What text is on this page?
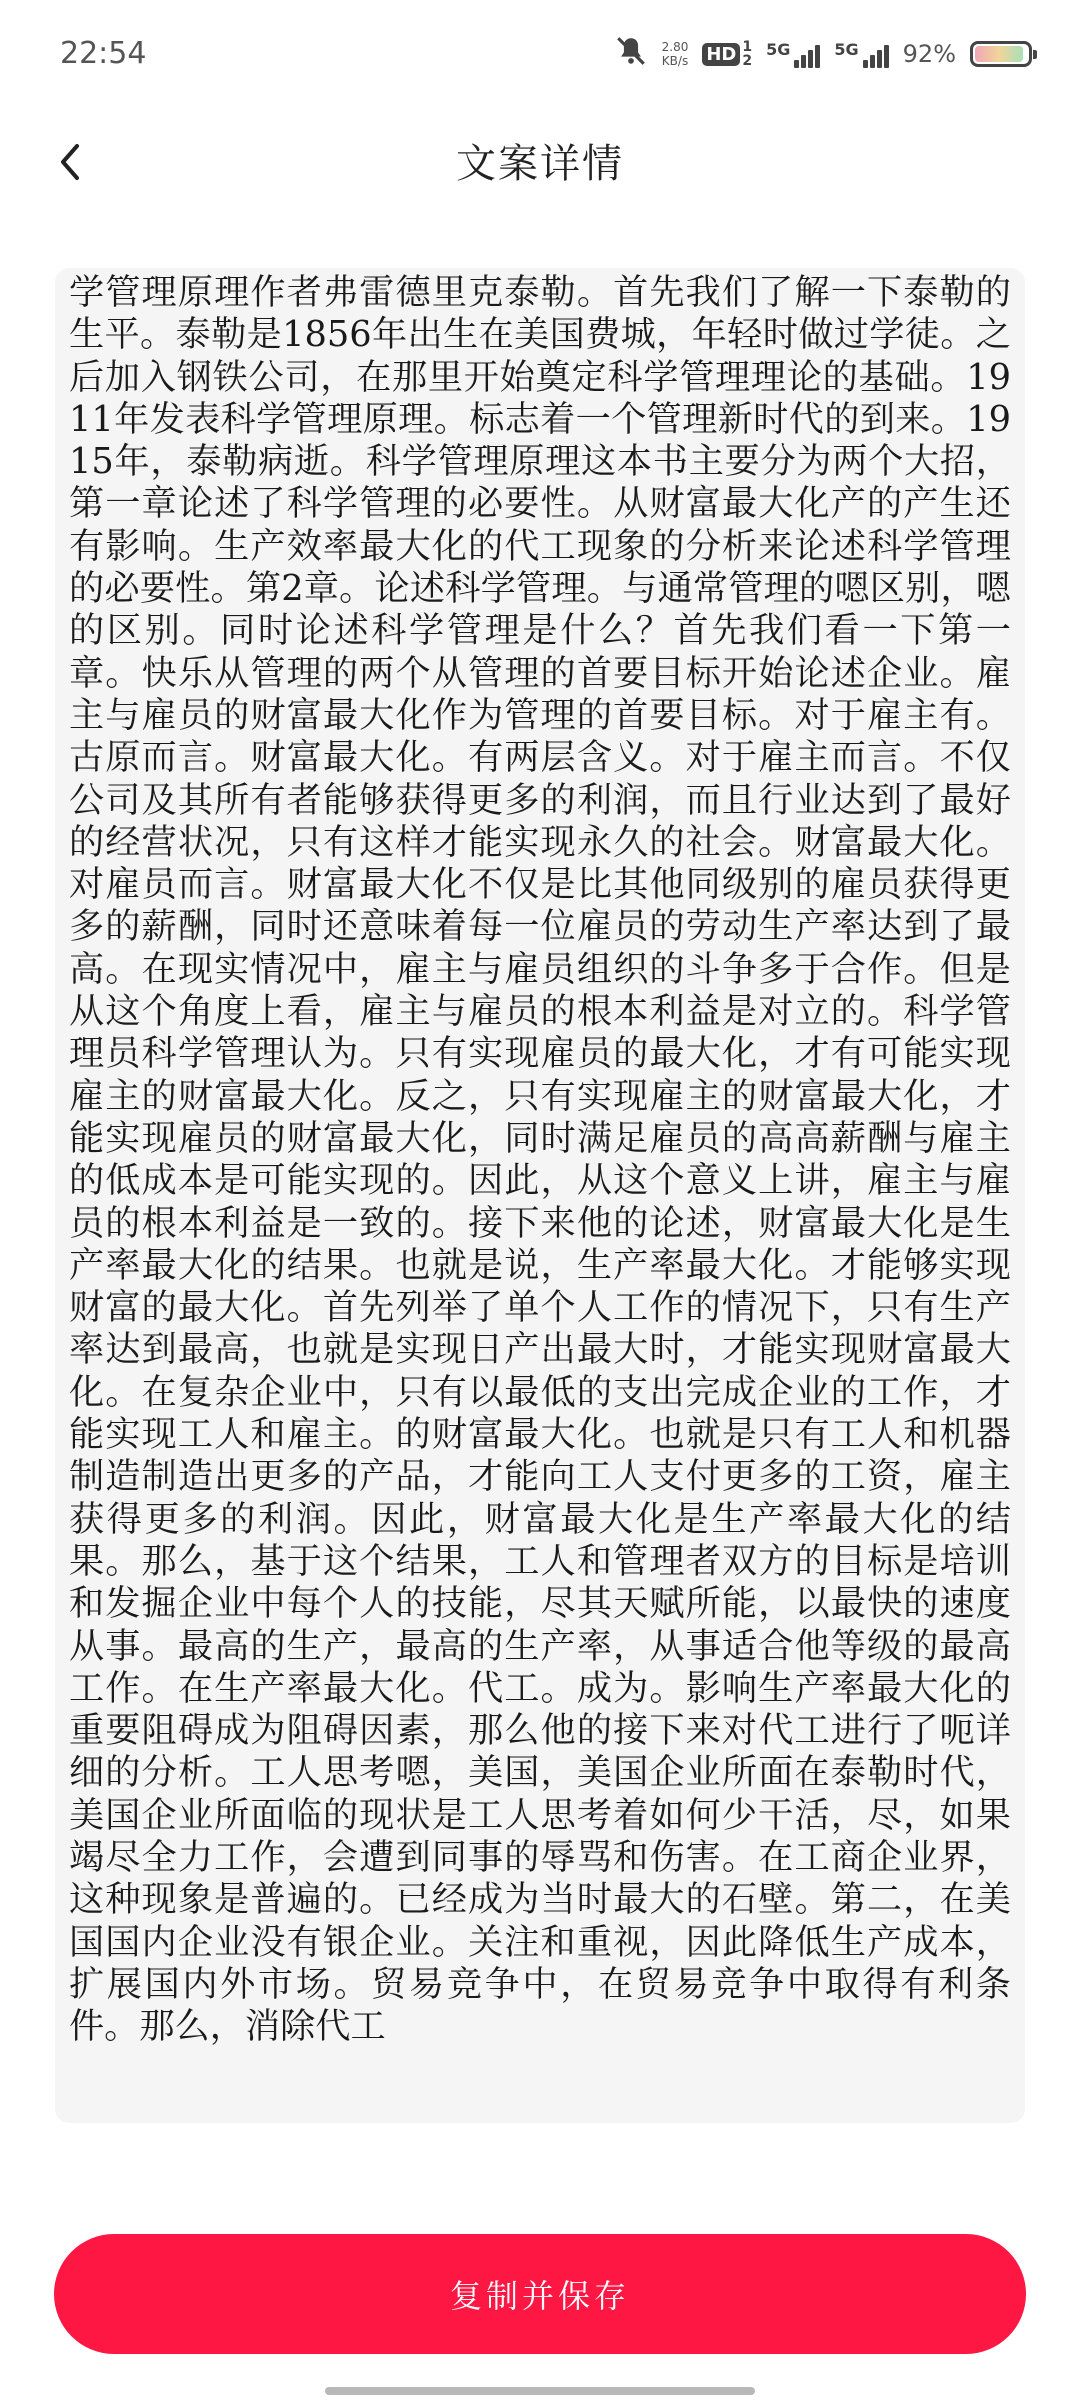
22:54	2.80
KB/s HD 1
2
5G	5G 92%
文案详情

学管理原理作者弗雷德里克泰勒。首先我们了解一下泰勒的生平。泰勒是1856年出生在美国费城，年轻时做过学徒。之后加入钢铁公司，在那里开始奠定科学管理理论的基础。1911年发表科学管理原理。标志着一个管理新时代的到来。1915年，泰勒病逝。科学管理原理这本书主要分为两个大招，第一章论述了科学管理的必要性。从财富最大化产的产生还有影响。生产效率最大化的代工现象的分析来论述科学管理的必要性。第2章。论述科学管理。与通常管理的嗯区别，嗯的区别。同时论述科学管理是什么？首先我们看一下第一章。快乐从管理的两个从管理的首要目标开始论述企业。雇主与雇员的财富最大化作为管理的首要目标。对于雇主有。古原而言。财富最大化。有两层含义。对于雇主而言。不仅公司及其所有者能够获得更多的利润，而且行业达到了最好的经营状况，只有这样才能实现永久的社会。财富最大化。对雇员而言。财富最大化不仅是比其他同级别的雇员获得更多的薪酬，同时还意味着每一位雇员的劳动生产率达到了最高。在现实情况中，雇主与雇员组织的斗争多于合作。但是从这个角度上看，雇主与雇员的根本利益是对立的。科学管理员科学管理认为。只有实现雇员的最大化，才有可能实现雇主的财富最大化。反之，只有实现雇主的财富最大化，才能实现雇员的财富最大化，同时满足雇员的高高薪酬与雇主的低成本是可能实现的。因此，从这个意义上讲，雇主与雇员的根本利益是一致的。接下来他的论述，财富最大化是生产率最大化的结果。也就是说，生产率最大化。才能够实现财富的最大化。首先列举了单个人工作的情况下，只有生产率达到最高，也就是实现日产出最大时，才能实现财富最大化。在复杂企业中，只有以最低的支出完成企业的工作，才能实现工人和雇主。的财富最大化。也就是只有工人和机器制造制造出更多的产品，才能向工人支付更多的工资，雇主获得更多的利润。因此，财富最大化是生产率最大化的结果。那么，基于这个结果，工人和管理者双方的目标是培训和发掘企业中每个人的技能，尽其天赋所能，以最快的速度从事。最高的生产，最高的生产率，从事适合他等级的最高工作。在生产率最大化。代工。成为。影响生产率最大化的重要阻碍成为阻碍因素，那么他的接下来对代工进行了呃详细的分析。工人思考嗯，美国，美国企业所面在泰勒时代，美国企业所面临的现状是工人思考着如何少干活，尽，如果竭尽全力工作，会遭到同事的辱骂和伤害。在工商企业界，这种现象是普遍的。已经成为当时最大的石壁。第二，在美国国内企业没有银企业。关注和重视，因此降低生产成本，扩展国内外市场。贸易竞争中，在贸易竞争中取得有利条件。那么，消除代工

复制并保存
